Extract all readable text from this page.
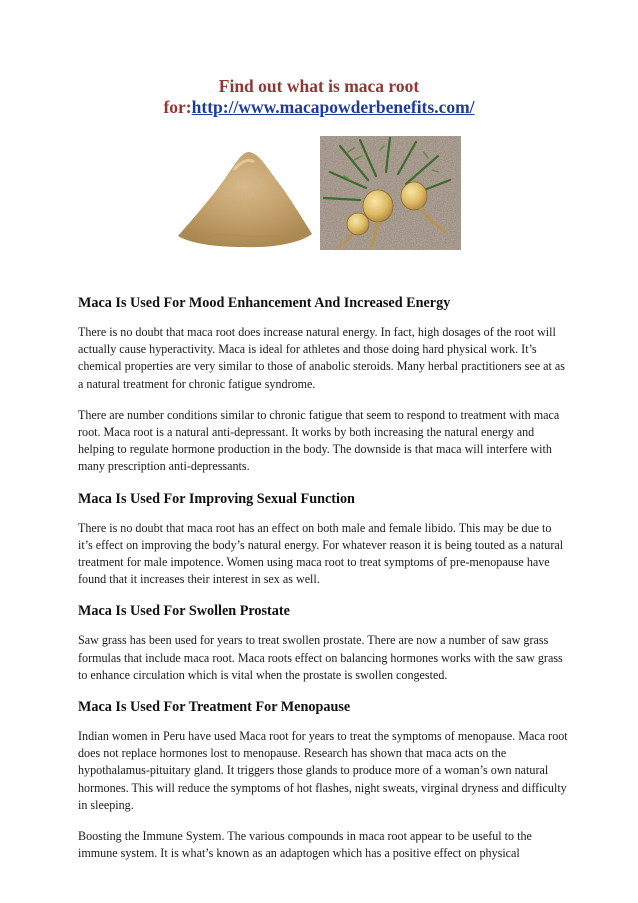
Find out what is maca root
for:http://www.macapowderbenefits.com/
Maca Is Used For Mood Enhancement And Increased Energy

There is no doubt that maca root does increase natural energy. In fact, high dosages of the root will actually cause hyperactivity. Maca is ideal for athletes and those doing hard physical work. It’s chemical properties are very similar to those of anabolic steroids. Many herbal practitioners see at as a natural treatment for chronic fatigue syndrome.

There are number conditions similar to chronic fatigue that seem to respond to treatment with maca root. Maca root is a natural anti-depressant. It works by both increasing the natural energy and helping to regulate hormone production in the body. The downside is that maca will interfere with many prescription anti-depressants.

Maca Is Used For Improving Sexual Function

There is no doubt that maca root has an effect on both male and female libido. This may be due to it’s effect on improving the body’s natural energy. For whatever reason it is being touted as a natural treatment for male impotence. Women using maca root to treat symptoms of pre-menopause have found that it increases their interest in sex as well.

Maca Is Used For Swollen Prostate

Saw grass has been used for years to treat swollen prostate. There are now a number of saw grass formulas that include maca root. Maca roots effect on balancing hormones works with the saw grass to enhance circulation which is vital when the prostate is swollen congested.

Maca Is Used For Treatment For Menopause

Indian women in Peru have used Maca root for years to treat the symptoms of menopause. Maca root does not replace hormones lost to menopause. Research has shown that maca acts on the hypothalamus-pituitary gland. It triggers those glands to produce more of a woman’s own natural hormones. This will reduce the symptoms of hot flashes, night sweats, virginal dryness and difficulty in sleeping.

Boosting the Immune System. The various compounds in maca root appear to be useful to the immune system. It is what’s known as an adaptogen which has a positive effect on physical
